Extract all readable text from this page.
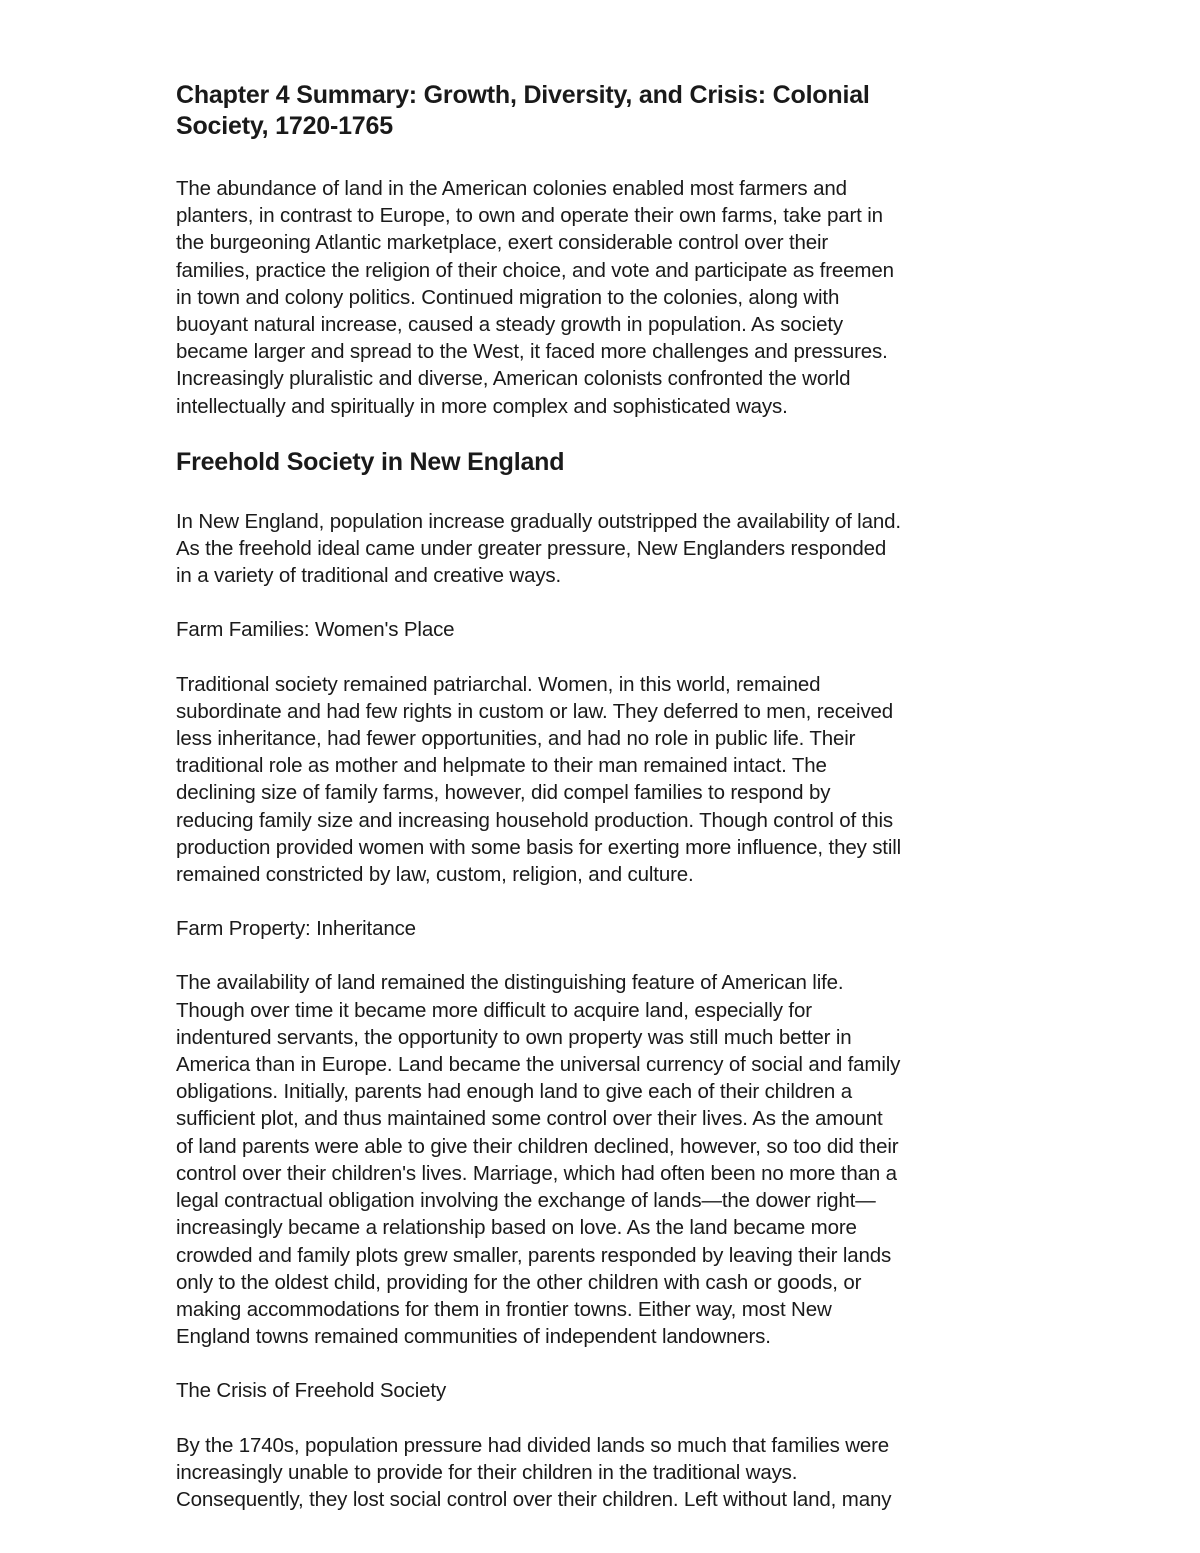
Chapter 4 Summary: Growth, Diversity, and Crisis: Colonial
Society, 1720-1765

The abundance of land in the American colonies enabled most farmers and
planters, in contrast to Europe, to own and operate their own farms, take part in
the burgeoning Atlantic marketplace, exert considerable control over their
families, practice the religion of their choice, and vote and participate as freemen
in town and colony politics. Continued migration to the colonies, along with
buoyant natural increase, caused a steady growth in population. As society
became larger and spread to the West, it faced more challenges and pressures.
Increasingly pluralistic and diverse, American colonists confronted the world
intellectually and spiritually in more complex and sophisticated ways.

Freehold Society in New England

In New England, population increase gradually outstripped the availability of land.
As the freehold ideal came under greater pressure, New Englanders responded
in a variety of traditional and creative ways.

Farm Families: Women's Place

Traditional society remained patriarchal. Women, in this world, remained
subordinate and had few rights in custom or law. They deferred to men, received
less inheritance, had fewer opportunities, and had no role in public life. Their
traditional role as mother and helpmate to their man remained intact. The
declining size of family farms, however, did compel families to respond by
reducing family size and increasing household production. Though control of this
production provided women with some basis for exerting more influence, they still
remained constricted by law, custom, religion, and culture.

Farm Property: Inheritance

The availability of land remained the distinguishing feature of American life.
Though over time it became more difficult to acquire land, especially for
indentured servants, the opportunity to own property was still much better in
America than in Europe. Land became the universal currency of social and family
obligations. Initially, parents had enough land to give each of their children a
sufficient plot, and thus maintained some control over their lives. As the amount
of land parents were able to give their children declined, however, so too did their
control over their children's lives. Marriage, which had often been no more than a
legal contractual obligation involving the exchange of lands—the dower right—
increasingly became a relationship based on love. As the land became more
crowded and family plots grew smaller, parents responded by leaving their lands
only to the oldest child, providing for the other children with cash or goods, or
making accommodations for them in frontier towns. Either way, most New
England towns remained communities of independent landowners.

The Crisis of Freehold Society

By the 1740s, population pressure had divided lands so much that families were
increasingly unable to provide for their children in the traditional ways.
Consequently, they lost social control over their children. Left without land, many
